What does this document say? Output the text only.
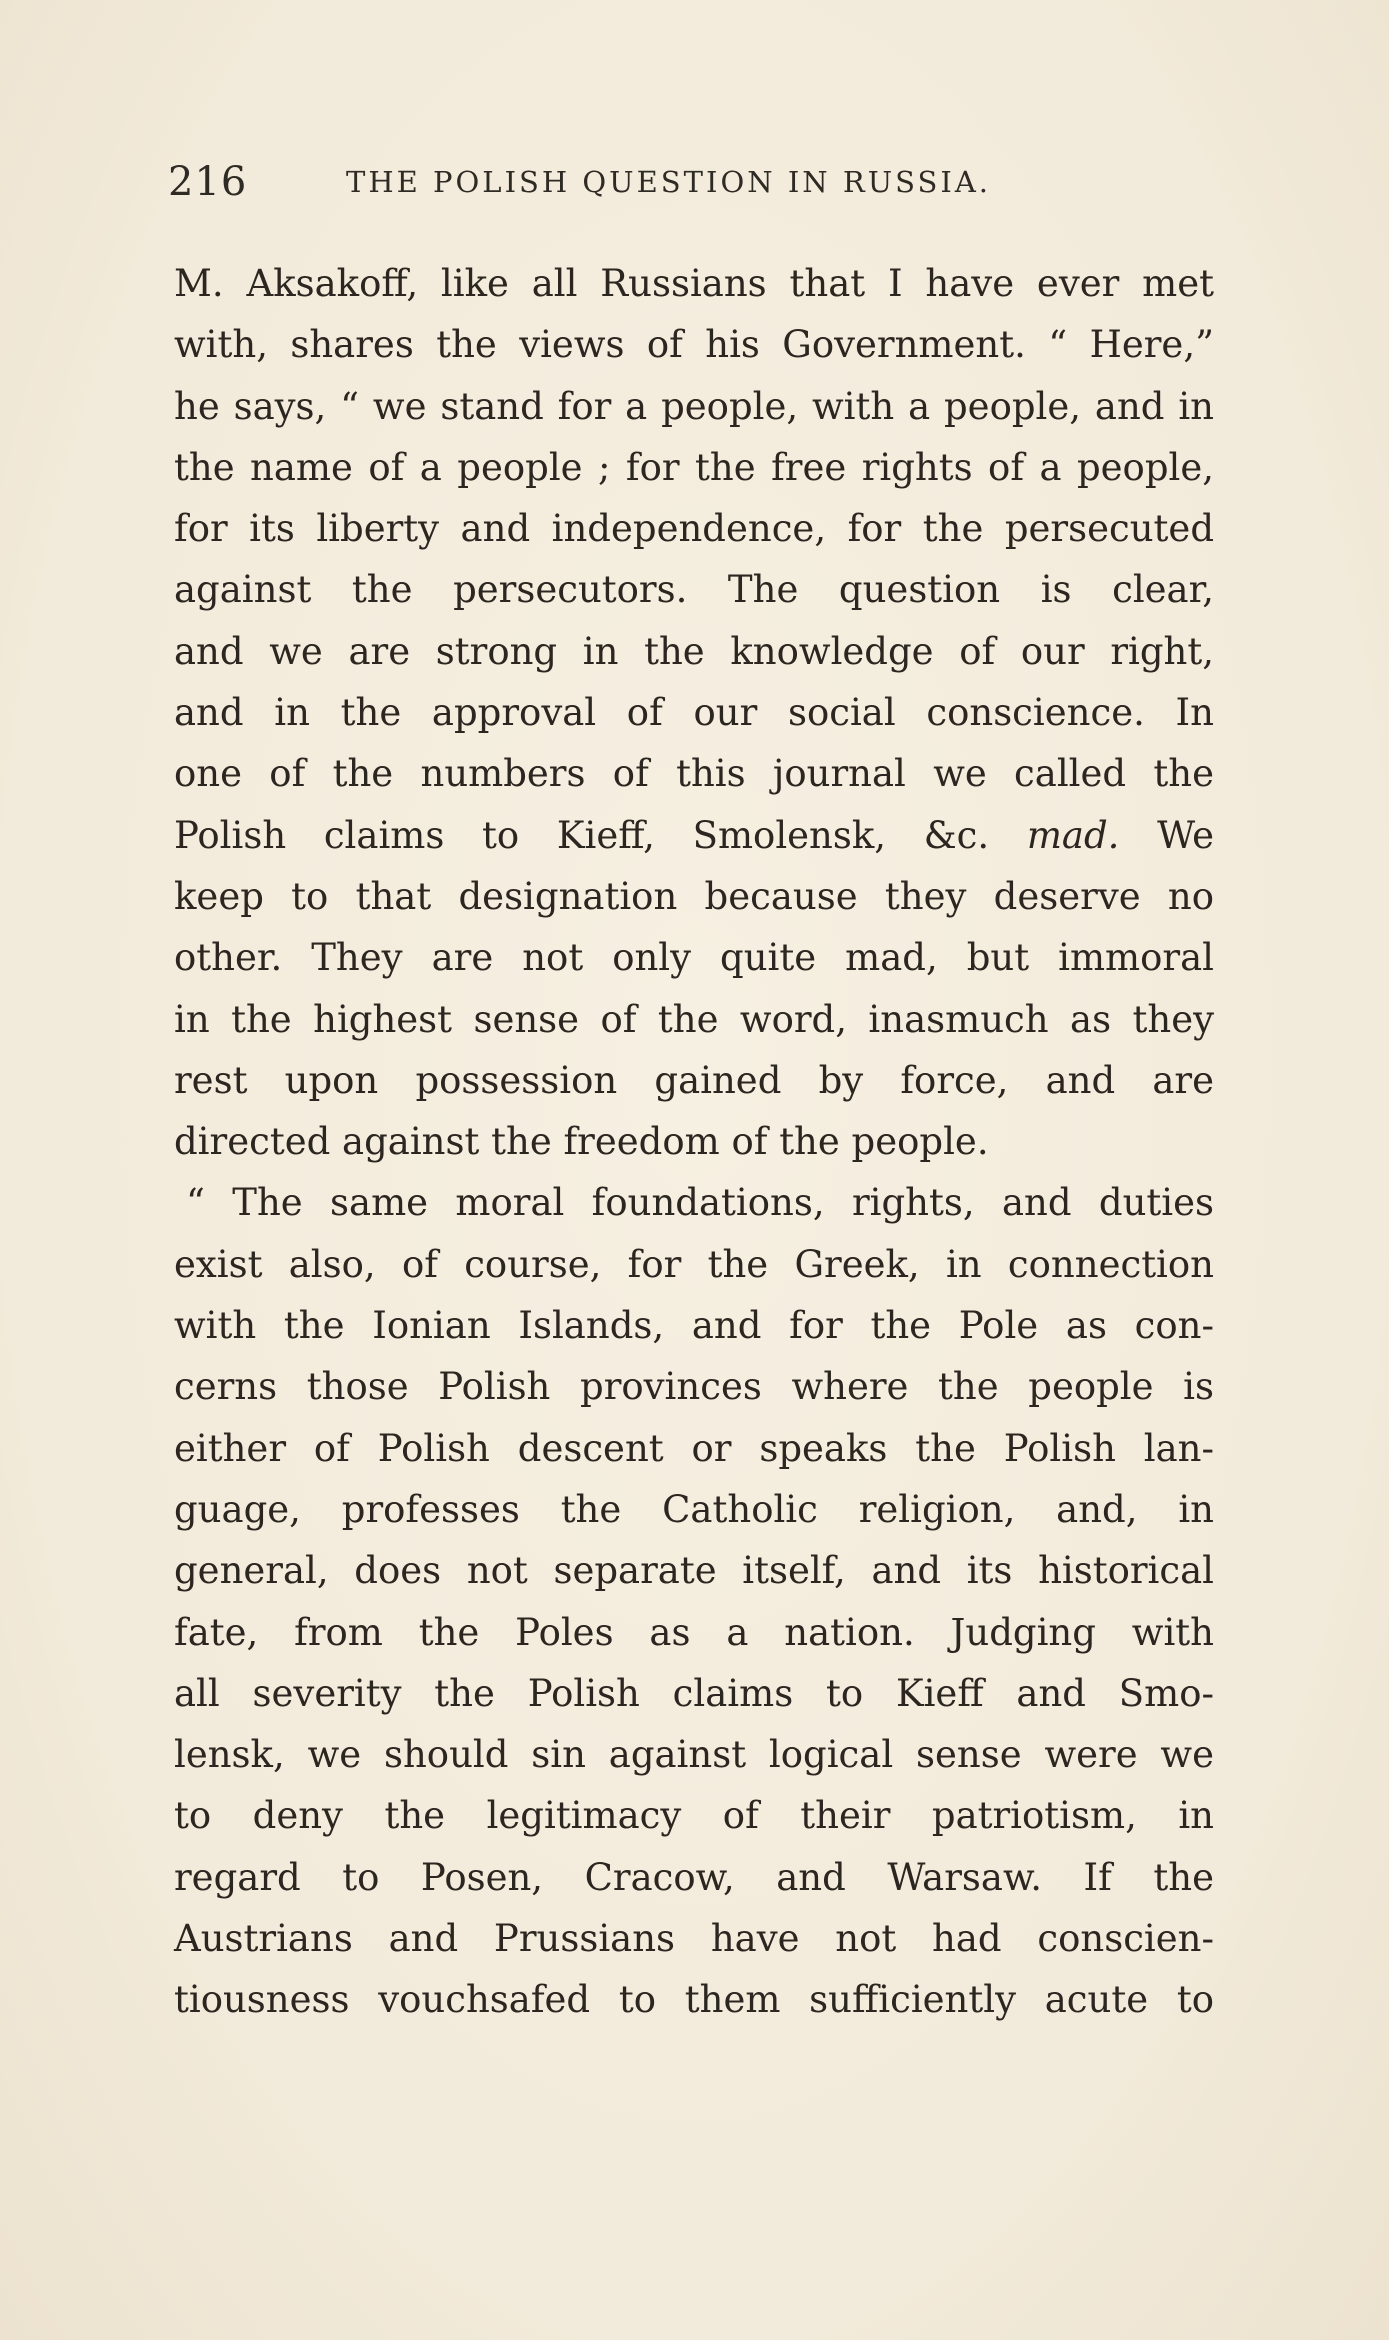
216	THE POLISH QUESTION IN RUSSIA.
M. Aksakoff, like all Russians that I have ever met
with, shares the views of his Government. “ Here,”
he says, “ we stand for a people, with a people, and in
the name of a people ; for the free rights of a people,
for its liberty and independence, for the persecuted
against the persecutors. The question is clear,
and we are strong in the knowledge of our right,
and in the approval of our social conscience. In
one of the numbers of this journal we called the
Polish claims to Kieff, Smolensk, &c. mad. We
keep to that designation because they deserve no
other. They are not only quite mad, but immoral
in the highest sense of the word, inasmuch as they
rest upon possession gained by force, and are
directed against the freedom of the people.
“ The same moral foundations, rights, and duties
exist also, of course, for the Greek, in connection
with the Ionian Islands, and for the Pole as con-
cerns those Polish provinces where the people is
either of Polish descent or speaks the Polish lan-
guage, professes the Catholic religion, and, in
general, does not separate itself, and its historical
fate, from the Poles as a nation. Judging with
all severity the Polish claims to Kieff and Smo-
lensk, we should sin against logical sense were we
to deny the legitimacy of their patriotism, in
regard to Posen, Cracow, and Warsaw. If the
Austrians and Prussians have not had conscien-
tiousness vouchsafed to them sufficiently acute to
